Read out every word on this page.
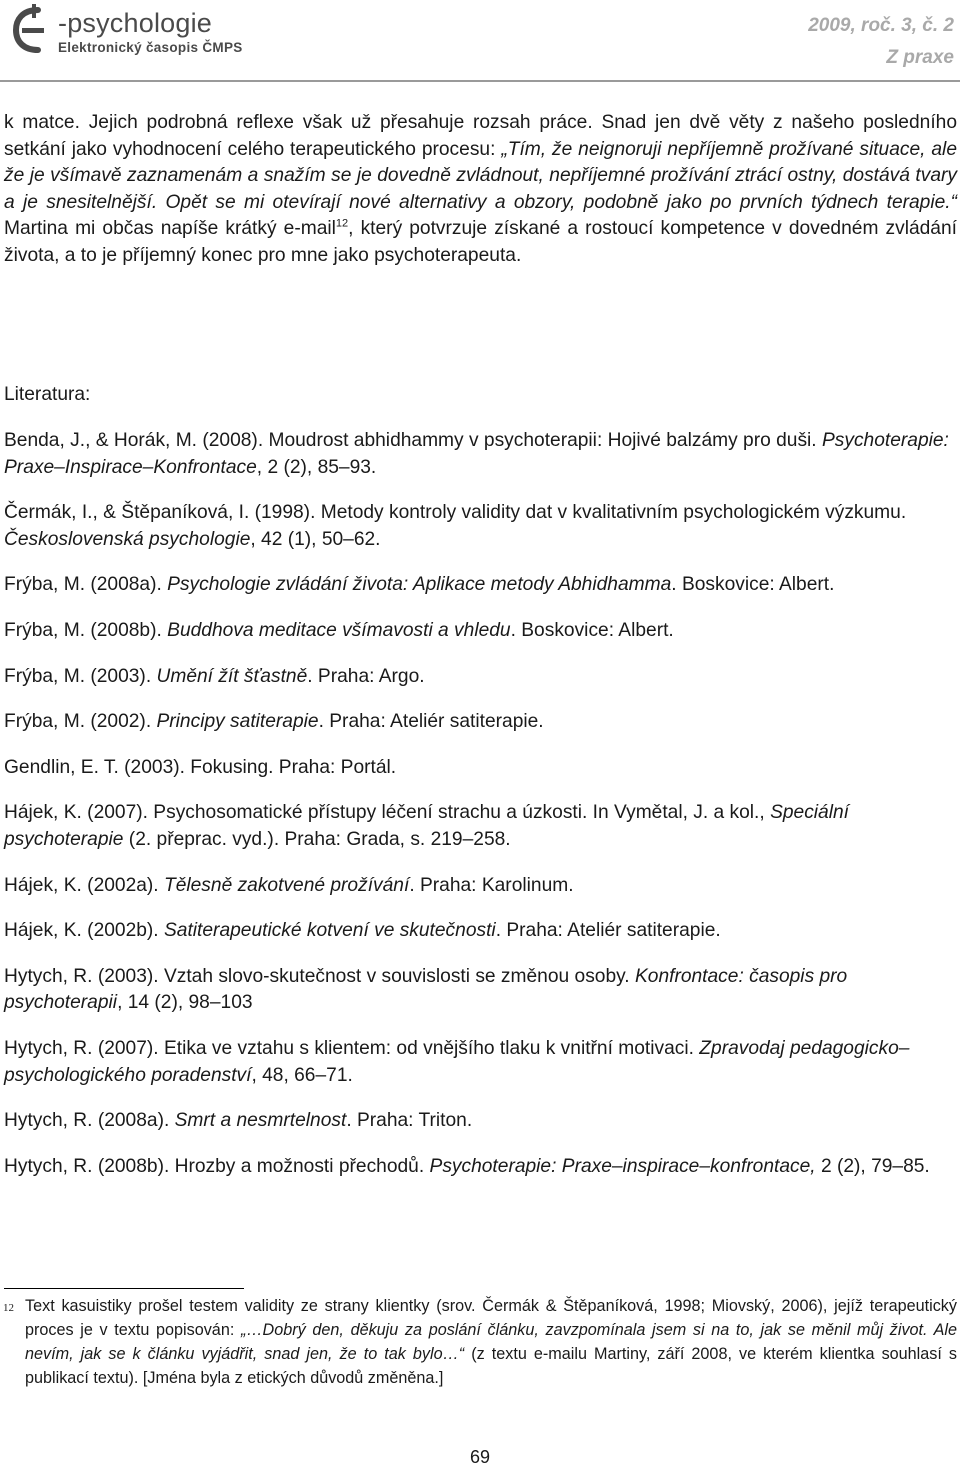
-psychologie
Elektronický časopis ČMPS
2009, roč. 3, č. 2
Z praxe

k matce. Jejich podrobná reflexe však už přesahuje rozsah práce. Snad jen dvě věty z našeho posledního setkání jako vyhodnocení celého terapeutického procesu: „Tím, že neignoruji nepříjemně prožívané situace, ale že je všímavě zaznamenám a snažím se je dovedně zvládnout, nepříjemné prožívání ztrácí ostny, dostává tvary a je snesitelnější. Opět se mi otevírají nové alternativy a obzory, podobně jako po prvních týdnech terapie.“ Martina mi občas napíše krátký e-mail$^{12}$, který potvrzuje získané a rostoucí kompetence v dovedném zvládání života, a to je příjemný konec pro mne jako psychoterapeuta.

Literatura:

Benda, J., & Horák, M. (2008). Moudrost abhidhammy v psychoterapii: Hojivé balzámy pro duši. Psychoterapie: Praxe–Inspirace–Konfrontace, 2 (2), 85–93.

Čermák, I., & Štěpaníková, I. (1998). Metody kontroly validity dat v kvalitativním psychologickém výzkumu. Československá psychologie, 42 (1), 50–62.

Frýba, M. (2008a). Psychologie zvládání života: Aplikace metody Abhidhamma. Boskovice: Albert.

Frýba, M. (2008b). Buddhova meditace všímavosti a vhledu. Boskovice: Albert.

Frýba, M. (2003). Umění žít šťastně. Praha: Argo.

Frýba, M. (2002). Principy satiterapie. Praha: Ateliér satiterapie.

Gendlin, E. T. (2003). Fokusing. Praha: Portál.

Hájek, K. (2007). Psychosomatické přístupy léčení strachu a úzkosti. In Vymětal, J. a kol., Speciální psychoterapie (2. přeprac. vyd.). Praha: Grada, s. 219–258.

Hájek, K. (2002a). Tělesně zakotvené prožívání. Praha: Karolinum.

Hájek, K. (2002b). Satiterapeutické kotvení ve skutečnosti. Praha: Ateliér satiterapie.

Hytych, R. (2003). Vztah slovo-skutečnost v souvislosti se změnou osoby. Konfrontace: časopis pro psychoterapii, 14 (2), 98–103

Hytych, R. (2007). Etika ve vztahu s klientem: od vnějšího tlaku k vnitřní motivaci. Zpravodaj pedagogicko–psychologického poradenství, 48, 66–71.

Hytych, R. (2008a). Smrt a nesmrtelnost. Praha: Triton.

Hytych, R. (2008b). Hrozby a možnosti přechodů. Psychoterapie: Praxe–inspirace–konfrontace, 2 (2), 79–85.

12 Text kasuistiky prošel testem validity ze strany klientky (srov. Čermák & Štěpaníková, 1998; Miovský, 2006), jejíž terapeutický proces je v textu popisován: „…Dobrý den, děkuju za poslání článku, zavzpomínala jsem si na to, jak se měnil můj život. Ale nevím, jak se k článku vyjádřit, snad jen, že to tak bylo…“ (z textu e-mailu Martiny, září 2008, ve kterém klientka souhlasí s publikací textu). [Jména byla z etických důvodů změněna.]
69
